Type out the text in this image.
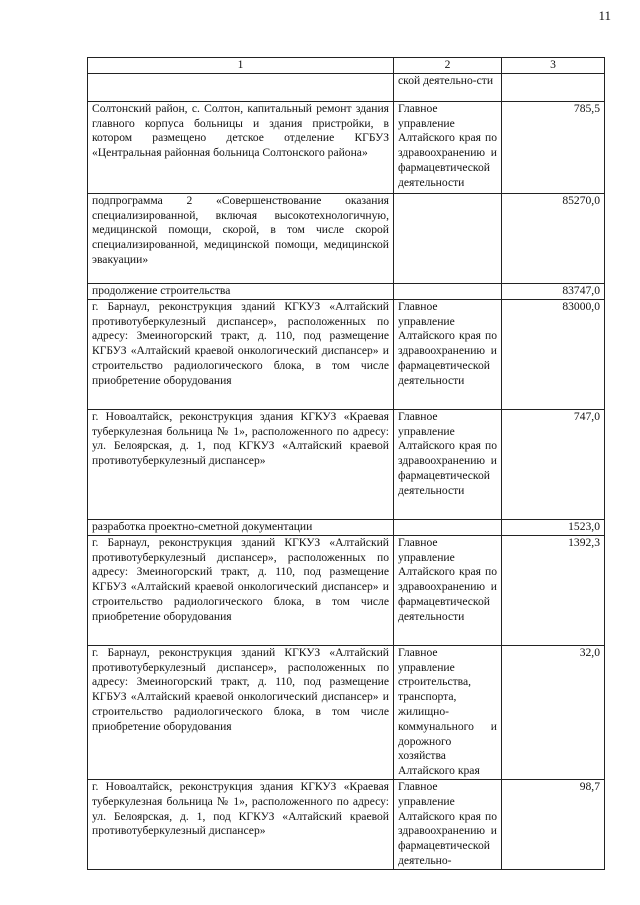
11
1	2	3
	ской деятельно-сти	
Солтонский район, с. Солтон, капитальный ремонт здания главного корпуса больницы и здания пристройки, в котором размещено детское отделение КГБУЗ «Центральная районная больница Солтонского района»	Главное управление Алтайского края по здравоохранению и фармацевтической деятельности	785,5
подпрограмма 2 «Совершенствование оказания специализированной, включая высокотехнологичную, медицинской помощи, скорой, в том числе скорой специализированной, медицинской помощи, медицинской эвакуации»		85270,0
продолжение строительства		83747,0
г. Барнаул, реконструкция зданий КГКУЗ «Алтайский противотуберкулезный диспансер», расположенных по адресу: Змеиногорский тракт, д. 110, под размещение КГБУЗ «Алтайский краевой онкологический диспансер» и строительство радиологического блока, в том числе приобретение оборудования	Главное управление Алтайского края по здравоохранению и фармацевтической деятельности	83000,0
г. Новоалтайск, реконструкция здания КГКУЗ «Краевая туберкулезная больница № 1», расположенного по адресу: ул. Белоярская, д. 1, под КГКУЗ «Алтайский краевой противотуберкулезный диспансер»	Главное управление Алтайского края по здравоохранению и фармацевтической деятельности	747,0
разработка проектно-сметной документации		1523,0
г. Барнаул, реконструкция зданий КГКУЗ «Алтайский противотуберкулезный диспансер», расположенных по адресу: Змеиногорский тракт, д. 110, под размещение КГБУЗ «Алтайский краевой онкологический диспансер» и строительство радиологического блока, в том числе приобретение оборудования	Главное управление Алтайского края по здравоохранению и фармацевтической деятельности	1392,3
г. Барнаул, реконструкция зданий КГКУЗ «Алтайский противотуберкулезный диспансер», расположенных по адресу: Змеиногорский тракт, д. 110, под размещение КГБУЗ «Алтайский краевой онкологический диспансер» и строительство радиологического блока, в том числе приобретение оборудования	Главное управление строительства, транспорта, жилищно-коммунального и дорожного хозяйства Алтайского края	32,0
г. Новоалтайск, реконструкция здания КГКУЗ «Краевая туберкулезная больница № 1», расположенного по адресу: ул. Белоярская, д. 1, под КГКУЗ «Алтайский краевой противотуберкулезный диспансер»	Главное управление Алтайского края по здравоохранению и фармацевтической деятельно-	98,7
